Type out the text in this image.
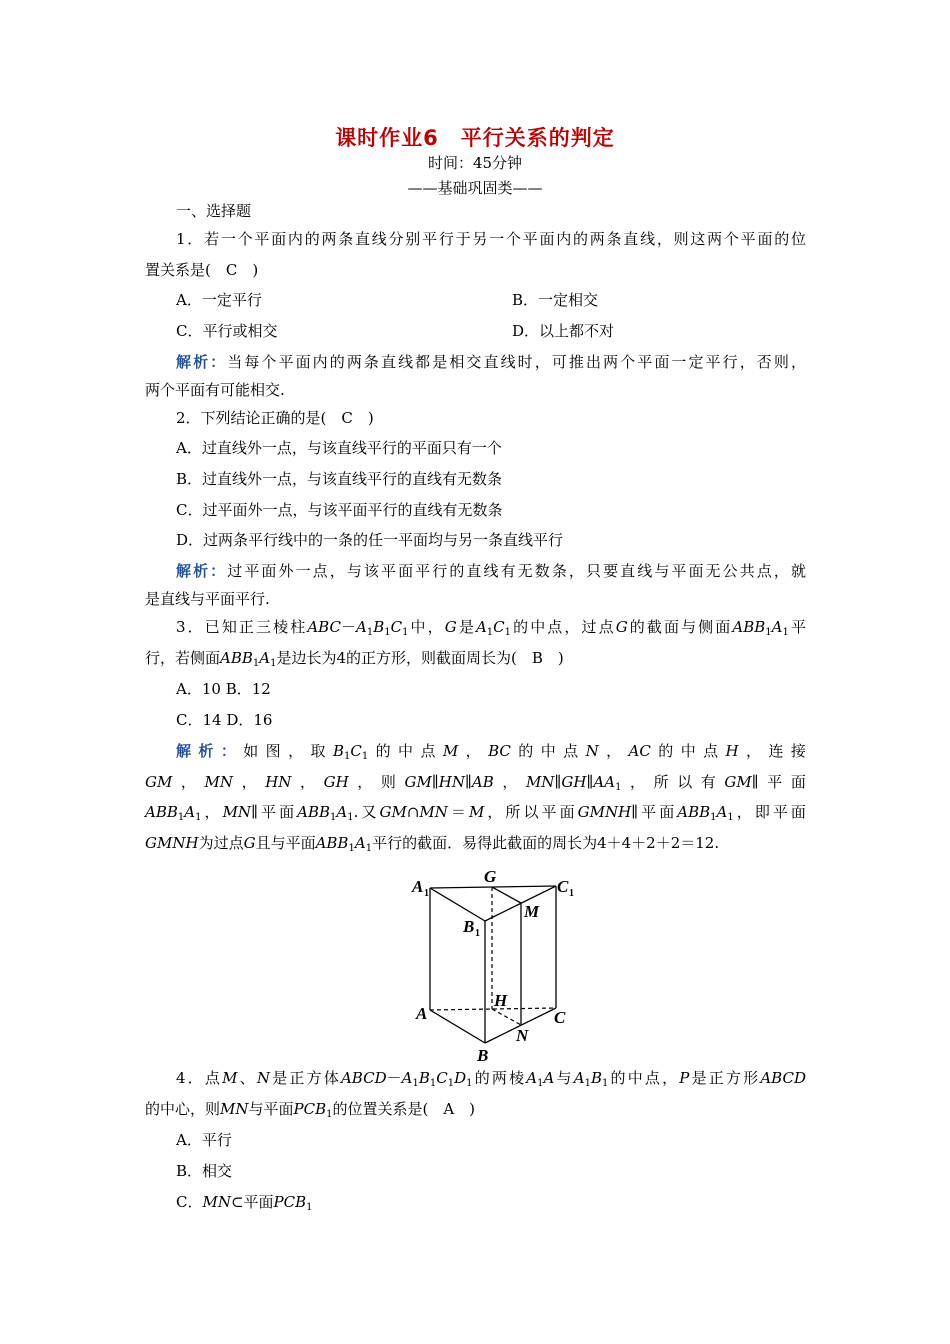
课时作业6　平行关系的判定
时间：45分钟
——基础巩固类——
一、选择题
1．若一个平面内的两条直线分别平行于另一个平面内的两条直线，则这两个平面的位
置关系是(　C　)
A．一定平行	B．一定相交
C．平行或相交	D．以上都不对
解析：当每个平面内的两条直线都是相交直线时，可推出两个平面一定平行，否则，
两个平面有可能相交.
2．下列结论正确的是(　C　)
A．过直线外一点，与该直线平行的平面只有一个
B．过直线外一点，与该直线平行的直线有无数条
C．过平面外一点，与该平面平行的直线有无数条
D．过两条平行线中的一条的任一平面均与另一条直线平行
解析：过平面外一点，与该平面平行的直线有无数条，只要直线与平面无公共点，就
是直线与平面平行.
3．已知正三棱柱$ABC-A_1B_1C_1$中，G是$A_1C_1$的中点，过点G的截面与侧面$ABB_1A_1$平
行，若侧面$ABB_1A_1$是边长为4的正方形，则截面周长为(　B　)
A．10 B．12
C．14 D．16
解析：如图，取$B_1C_1$的中点M，BC的中点N，AC的中点H，连接
GM，MN，HN，GH，则GM∥HN∥AB，$MN\parallel GH\parallel AA_1$，所以有GM∥平面
$ABB_1A_1$，MN∥平面$ABB_1A_1$.又GM∩MN＝M，所以平面GMNH∥平面$ABB_1A_1$，即平面
GMNH为过点G且与平面$ABB_1A_1$平行的截面．易得此截面的周长为4＋4＋2＋2＝12.
A 1
G
C 1
B 1
M
H
A	C
N
B
4．点M、N是正方体$ABCD-A_1B_1C_1D_1$的两棱$A_1A$与$A_1B_1$的中点，P是正方形ABCD
的中心，则MN与平面$PCB_1$的位置关系是(　A　)
A．平行
B．相交
C．MN⊂平面$PCB_1$
